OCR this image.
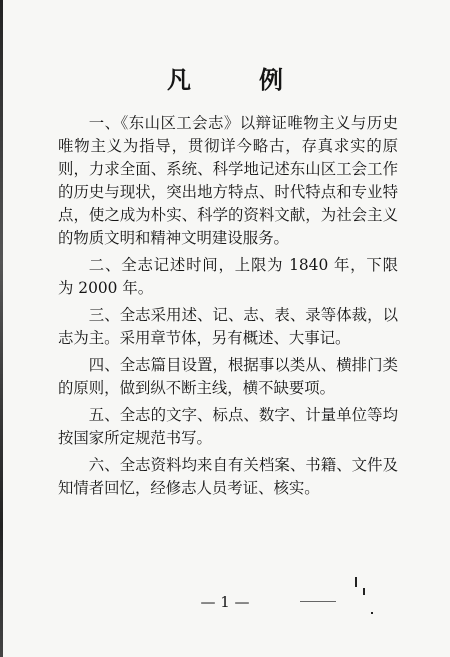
凡　例

一、《东山区工会志》以辩证唯物主义与历史唯物主义为指导，贯彻详今略古，存真求实的原则，力求全面、系统、科学地记述东山区工会工作的历史与现状，突出地方特点、时代特点和专业特点，使之成为朴实、科学的资料文献，为社会主义的物质文明和精神文明建设服务。

二、全志记述时间，上限为 1840 年，下限为 2000 年。

三、全志采用述、记、志、表、录等体裁，以志为主。采用章节体，另有概述、大事记。

四、全志篇目设置，根据事以类从、横排门类的原则，做到纵不断主线，横不缺要项。

五、全志的文字、标点、数字、计量单位等均按国家所定规范书写。

六、全志资料均来自有关档案、书籍、文件及知情者回忆，经修志人员考证、核实。

— 1 —
